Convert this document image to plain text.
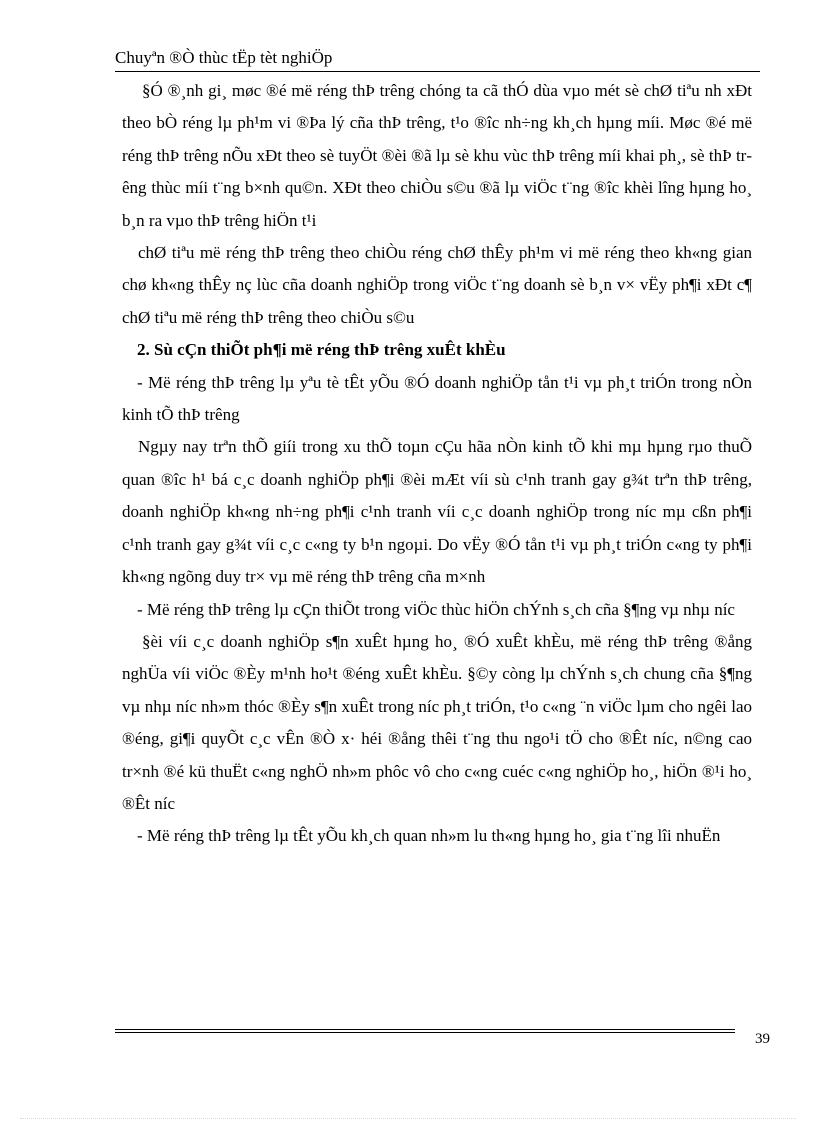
Chuyªn ®Ò thùc tËp tèt nghiÖp

§Ó ®¸nh gi¸ møc ®é më réng thÞ trêng chóng ta cã thÓ dùa vµo mét sè chØ tiªu nh xÐt theo bÒ réng lµ ph¹m vi ®Þa lý cña thÞ trêng, t¹o ®îc nh÷ng kh¸ch hµng míi. Møc ®é më réng thÞ trêng nÕu xÐt theo sè tuyÖt ®èi ®ã lµ sè khu vùc thÞ trêng míi khai ph¸, sè thÞ trêng thùc míi t¨ng b×nh qu©n. XÐt theo chiÒu s©u ®ã lµ viÖc t¨ng ®îc khèi lîng hµng ho¸ b¸n ra vµo thÞ trêng hiÖn t¹i

chØ tiªu më réng thÞ trêng theo chiÒu réng chØ thÊy ph¹m vi më réng theo kh«ng gian chø kh«ng thÊy nç lùc cña doanh nghiÖp trong viÖc t¨ng doanh sè b¸n v× vËy ph¶i xÐt c¶ chØ tiªu më réng thÞ trêng theo chiÒu s©u

2. Sù cÇn thiÕt ph¶i më réng thÞ trêng xuÊt khÈu

- Më réng thÞ trêng lµ yªu tè tÊt yÕu ®Ó doanh nghiÖp tån t¹i vµ ph¸t triÓn trong nÒn kinh tÕ thÞ trêng

Ngµy nay trªn thÕ giíi trong xu thÕ toµn cÇu hãa nÒn kinh tÕ khi mµ hµng rµo thuÕ quan ®îc h¹ bá c¸c doanh nghiÖp ph¶i ®èi mÆt víi sù c¹nh tranh gay g¾t trªn thÞ trêng, doanh nghiÖp kh«ng nh÷ng ph¶i c¹nh tranh víi c¸c doanh nghiÖp trong níc mµ cßn ph¶i c¹nh tranh gay g¾t víi c¸c c«ng ty b¹n ngoµi. Do vËy ®Ó tån t¹i vµ ph¸t triÓn c«ng ty ph¶i kh«ng ngõng duy tr× vµ më réng thÞ trêng cña m×nh

- Më réng thÞ trêng lµ cÇn thiÕt trong viÖc thùc hiÖn chÝnh s¸ch cña §¶ng vµ nhµ níc

§èi víi c¸c doanh nghiÖp s¶n xuÊt hµng ho¸ ®Ó xuÊt khÈu, më réng thÞ trêng ®ång nghÜa víi viÖc ®Èy m¹nh ho¹t ®éng xuÊt khÈu. §©y còng lµ chÝnh s¸ch chung cña §¶ng vµ nhµ níc nh»m thóc ®Èy s¶n xuÊt trong níc ph¸t triÓn, t¹o c«ng ¨n viÖc lµm cho ngêi lao ®éng, gi¶i quyÕt c¸c vÊn ®Ò x· héi ®ång thêi t¨ng thu ngo¹i tÖ cho ®Êt níc, n©ng cao tr×nh ®é kü thuËt c«ng nghÖ nh»m phôc vô cho c«ng cuéc c«ng nghiÖp ho¸, hiÖn ®¹i ho¸ ®Êt níc

- Më réng thÞ trêng lµ tÊt yÕu kh¸ch quan nh»m lu th«ng hµng ho¸ gia t¨ng lîi nhuËn

39
